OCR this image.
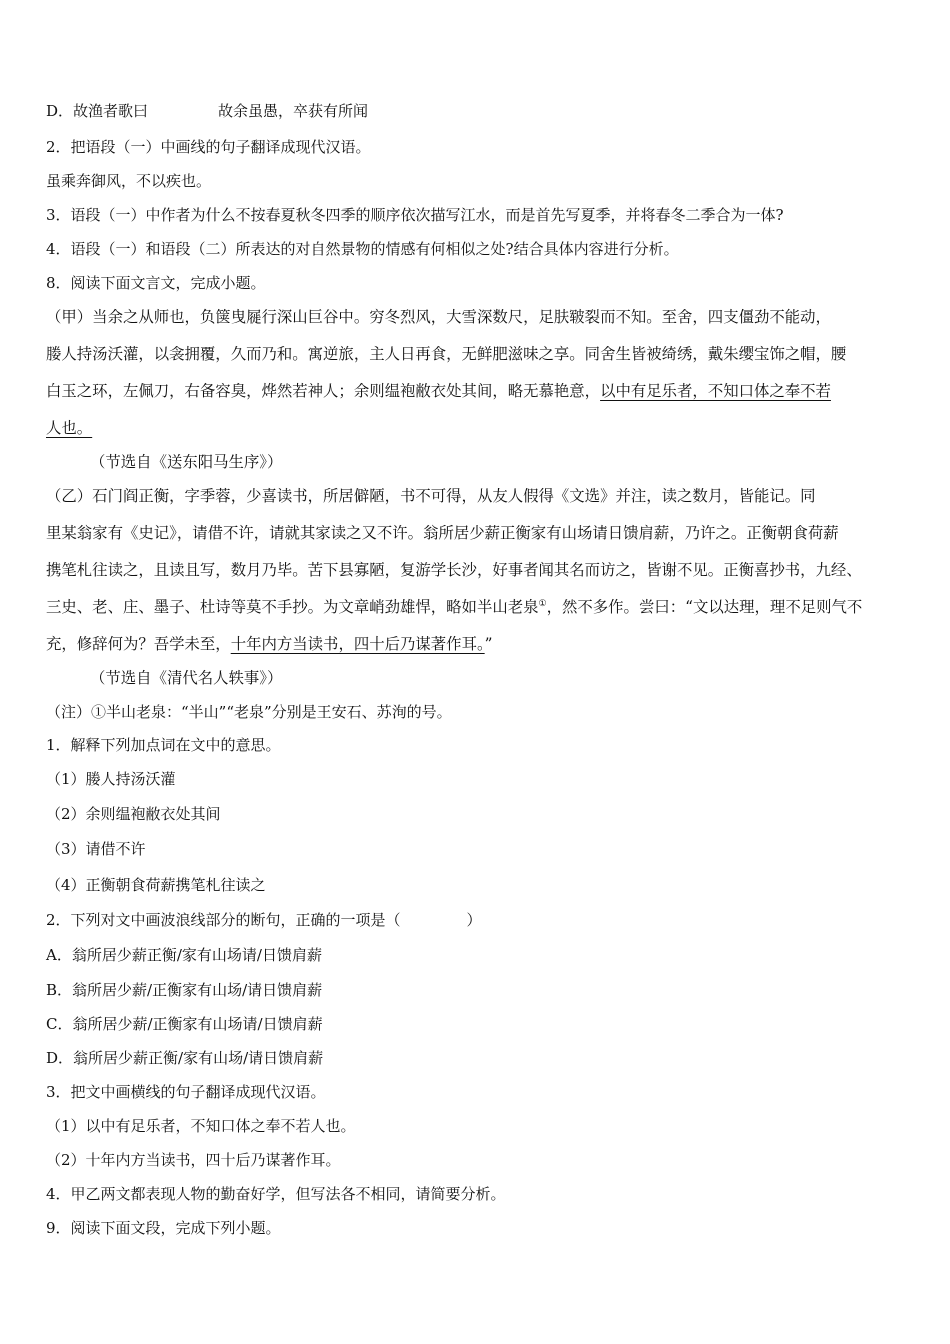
D．故渔者歌曰	故余虽愚，卒获有所闻
2．把语段（一）中画线的句子翻译成现代汉语。
虽乘奔御风，不以疾也。
3．语段（一）中作者为什么不按春夏秋冬四季的顺序依次描写江水，而是首先写夏季，并将春冬二季合为一体?
4．语段（一）和语段（二）所表达的对自然景物的情感有何相似之处?结合具体内容进行分析。
8．阅读下面文言文，完成小题。
（甲）当余之从师也，负箧曳屣行深山巨谷中。穷冬烈风，大雪深数尺，足肤皲裂而不知。至舍，四支僵劲不能动，
媵人持汤沃灌，以衾拥覆，久而乃和。寓逆旅，主人日再食，无鲜肥滋味之享。同舍生皆被绮绣，戴朱缨宝饰之帽，腰
白玉之环，左佩刀，右备容臭，烨然若神人；余则缊袍敝衣处其间，略无慕艳意，以中有足乐者，不知口体之奉不若
人也。
（节选自《送东阳马生序》）
（乙）石门阎正衡，字季蓉，少喜读书，所居僻陋，书不可得，从友人假得《文选》并注，读之数月，皆能记。同
里某翁家有《史记》，请借不许，请就其家读之又不许。翁所居少薪正衡家有山场请日馈肩薪，乃许之。正衡朝食荷薪
携笔札往读之，且读且写，数月乃毕。苦下县寡陋，复游学长沙，好事者闻其名而访之，皆谢不见。正衡喜抄书，九经、
三史、老、庄、墨子、杜诗等莫不手抄。为文章峭劲雄悍，略如半山老泉①，然不多作。尝曰：“文以达理，理不足则气不
充，修辞何为？吾学未至，十年内方当读书，四十后乃谋著作耳。”
（节选自《清代名人轶事》）
（注）①半山老泉：“半山”“老泉”分别是王安石、苏洵的号。
1．解释下列加点词在文中的意思。
（1）媵人持汤沃灌
（2）余则缊袍敝衣处其间
（3）请借不许
（4）正衡朝食荷薪携笔札往读之
2．下列对文中画波浪线部分的断句，正确的一项是（	）
A．翁所居少薪正衡/家有山场请/日馈肩薪
B．翁所居少薪/正衡家有山场/请日馈肩薪
C．翁所居少薪/正衡家有山场请/日馈肩薪
D．翁所居少薪正衡/家有山场/请日馈肩薪
3．把文中画横线的句子翻译成现代汉语。
（1）以中有足乐者，不知口体之奉不若人也。
（2）十年内方当读书，四十后乃谋著作耳。
4．甲乙两文都表现人物的勤奋好学，但写法各不相同，请简要分析。
9．阅读下面文段，完成下列小题。
